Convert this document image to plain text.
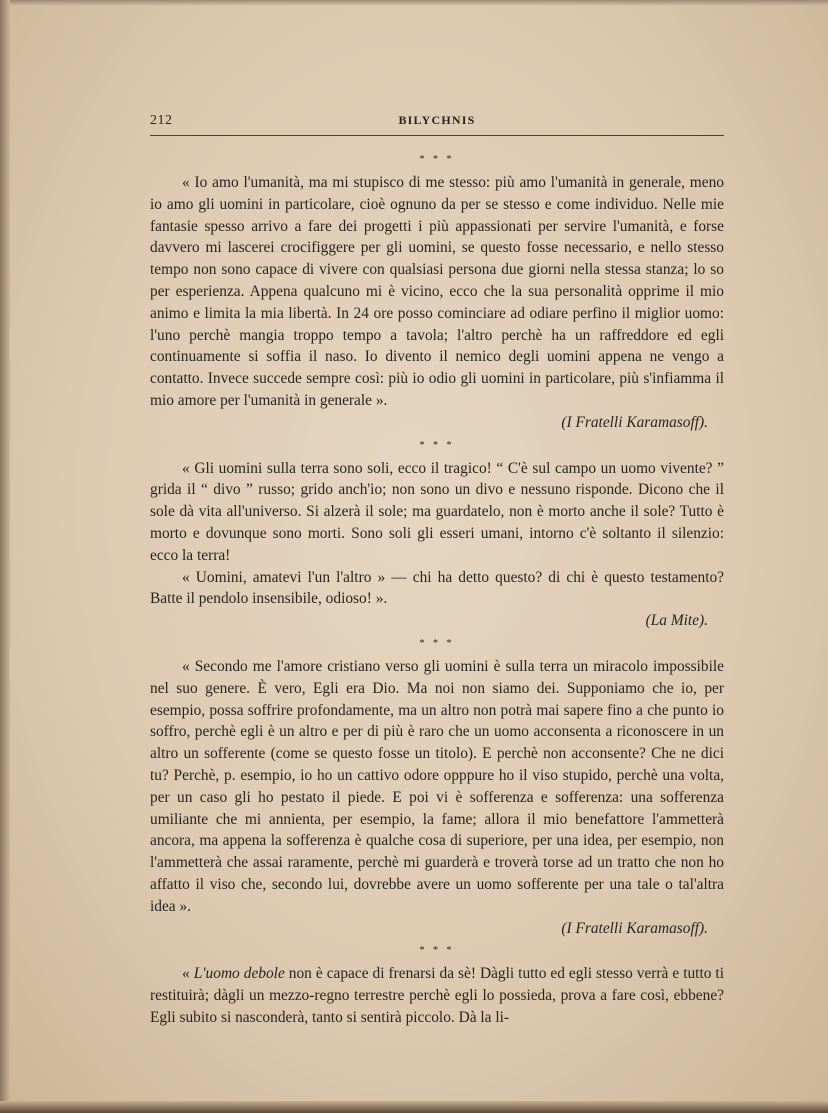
212	BILYCHNIS
* * *

« Io amo l'umanità, ma mi stupisco di me stesso: più amo l'umanità in generale, meno io amo gli uomini in particolare, cioè ognuno da per se stesso e come individuo. Nelle mie fantasie spesso arrivo a fare dei progetti i più appassionati per servire l'umanità, e forse davvero mi lascerei crocifiggere per gli uomini, se questo fosse necessario, e nello stesso tempo non sono capace di vivere con qualsiasi persona due giorni nella stessa stanza; lo so per esperienza. Appena qualcuno mi è vicino, ecco che la sua personalità opprime il mio animo e limita la mia libertà. In 24 ore posso cominciare ad odiare perfino il miglior uomo: l'uno perchè mangia troppo tempo a tavola; l'altro perchè ha un raffreddore ed egli continuamente si soffia il naso. Io divento il nemico degli uomini appena ne vengo a contatto. Invece succede sempre così: più io odio gli uomini in particolare, più s'infiamma il mio amore per l'umanità in generale ».

(I Fratelli Karamasoff).

* * *

« Gli uomini sulla terra sono soli, ecco il tragico! “ C'è sul campo un uomo vivente? ” grida il “ divo ” russo; grido anch'io; non sono un divo e nessuno risponde. Dicono che il sole dà vita all'universo. Si alzerà il sole; ma guardatelo, non è morto anche il sole? Tutto è morto e dovunque sono morti. Sono soli gli esseri umani, intorno c'è soltanto il silenzio: ecco la terra!

« Uomini, amatevi l'un l'altro » — chi ha detto questo? di chi è questo testamento? Batte il pendolo insensibile, odioso! ».

(La Mite).

* * *

« Secondo me l'amore cristiano verso gli uomini è sulla terra un miracolo impossibile nel suo genere. È vero, Egli era Dio. Ma noi non siamo dei. Supponiamo che io, per esempio, possa soffrire profondamente, ma un altro non potrà mai sapere fino a che punto io soffro, perchè egli è un altro e per di più è raro che un uomo acconsenta a riconoscere in un altro un sofferente (come se questo fosse un titolo). E perchè non acconsente? Che ne dici tu? Perchè, p. esempio, io ho un cattivo odore opppure ho il viso stupido, perchè una volta, per un caso gli ho pestato il piede. E poi vi è sofferenza e sofferenza: una sofferenza umiliante che mi annienta, per esempio, la fame; allora il mio benefattore l'ammetterà ancora, ma appena la sofferenza è qualche cosa di superiore, per una idea, per esempio, non l'ammetterà che assai raramente, perchè mi guarderà e troverà torse ad un tratto che non ho affatto il viso che, secondo lui, dovrebbe avere un uomo sofferente per una tale o tal'altra idea ».

(I Fratelli Karamasoff).

* * *

« L'uomo debole non è capace di frenarsi da sè! Dàgli tutto ed egli stesso verrà e tutto ti restituirà; dàgli un mezzo-regno terrestre perchè egli lo possieda, prova a fare così, ebbene? Egli subito si nasconderà, tanto si sentirà piccolo. Dà la li-
